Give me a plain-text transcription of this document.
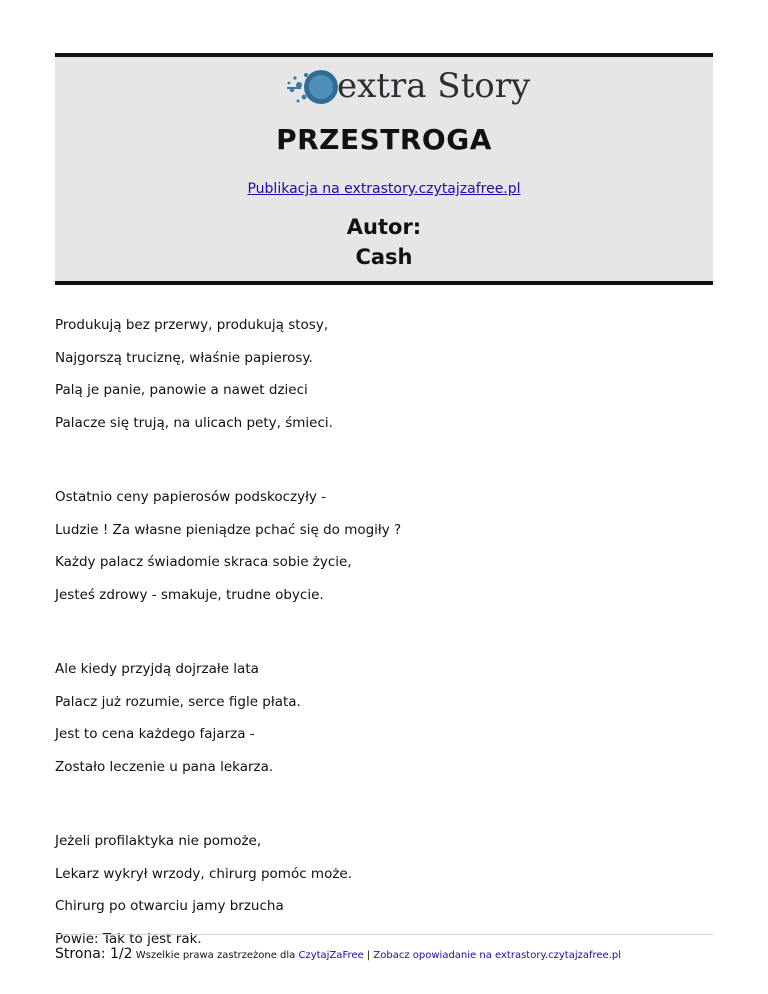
extra Story
PRZESTROGA
Publikacja na extrastory.czytajzafree.pl
Autor:
Cash
Produkują bez przerwy, produkują stosy,
Najgorszą truciznę, właśnie papierosy.
Palą je panie, panowie a nawet dzieci
Palacze się trują, na ulicach pety, śmieci.
Ostatnio ceny papierosów podskoczyły -
Ludzie ! Za własne pieniądze pchać się do mogiły ?
Każdy palacz świadomie skraca sobie życie,
Jesteś zdrowy - smakuje, trudne obycie.
Ale kiedy przyjdą dojrzałe lata
Palacz już rozumie, serce figle płata.
Jest to cena każdego fajarza -
Zostało leczenie u pana lekarza.
Jeżeli profilaktyka nie pomoże,
Lekarz wykrył wrzody, chirurg pomóc może.
Chirurg po otwarciu jamy brzucha
Powie: Tak to jest rak.
Strona: 1/2 Wszelkie prawa zastrzeżone dla CzytajZaFree | Zobacz opowiadanie na extrastory.czytajzafree.pl
